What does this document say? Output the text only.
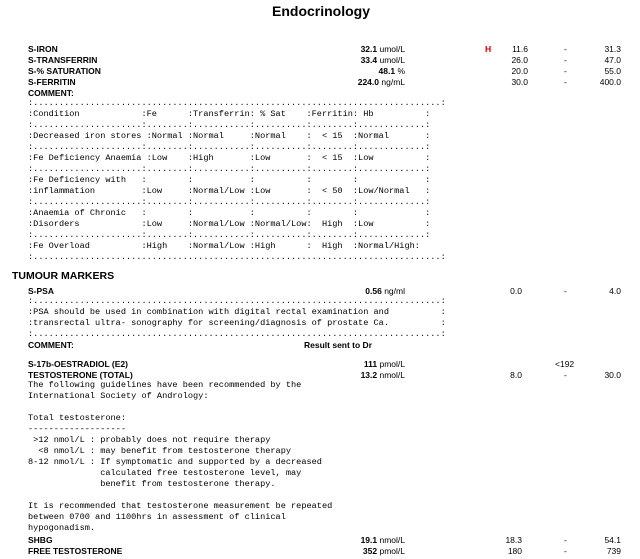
Endocrinology
S-IRON	32.1 umol/L	H	11.6	-	31.3
S-TRANSFERRIN	33.4 umol/L	26.0	-	47.0
S-% SATURATION	48.1 %	20.0	-	55.0
S-FERRITIN	224.0 ng/mL	30.0	-	400.0
COMMENT:
:...............................................................................:
:Condition            :Fe      :Transferrin: % Sat    :Ferritin: Hb          :
:.....................:........:...........:..........:........:.............:
:Decreased iron stores :Normal :Normal     :Normal    :  < 15  :Normal       :
:.....................:........:...........:..........:........:.............:
:Fe Deficiency Anaemia :Low    :High       :Low       :  < 15  :Low          :
:.....................:........:...........:..........:........:.............:
:Fe Deficiency with   :        :           :          :        :             :
:inflammation         :Low     :Normal/Low :Low       :  < 50  :Low/Normal   :
:.....................:........:...........:..........:........:.............:
:Anaemia of Chronic   :        :           :          :        :             :
:Disorders            :Low     :Normal/Low :Normal/Low:  High  :Low          :
:.....................:........:...........:..........:........:.............:
:Fe Overload          :High    :Normal/Low :High      :  High  :Normal/High:
:...............................................................................:
TUMOUR MARKERS
S-PSA	0.56 ng/ml	0.0	-	4.0
:...............................................................................:
:PSA should be used in combination with digital rectal examination and          :
:transrectal ultra- sonography for screening/diagnosis of prostate Ca.          :
:...............................................................................:
COMMENT:	Result sent to Dr
S-17b-OESTRADIOL (E2)	111 pmol/L	<192
TESTOSTERONE (TOTAL)	13.2 nmol/L	8.0	-	30.0
The following guidelines have been recommended by the
International Society of Andrology:
Total testosterone:
-------------------
>12 nmol/L : probably does not require therapy
<8 nmol/L : may benefit from testosterone therapy
8-12 nmol/L : If symptomatic and supported by a decreased
calculated free testosterone level, may
benefit from testosterone therapy.
It is recommended that testosterone measurement be repeated
between 0700 and 1100hrs in assessment of clinical
hypogonadism.
SHBG	19.1 nmol/L	18.3	-	54.1
FREE TESTOSTERONE	352 pmol/L	180	-	739
